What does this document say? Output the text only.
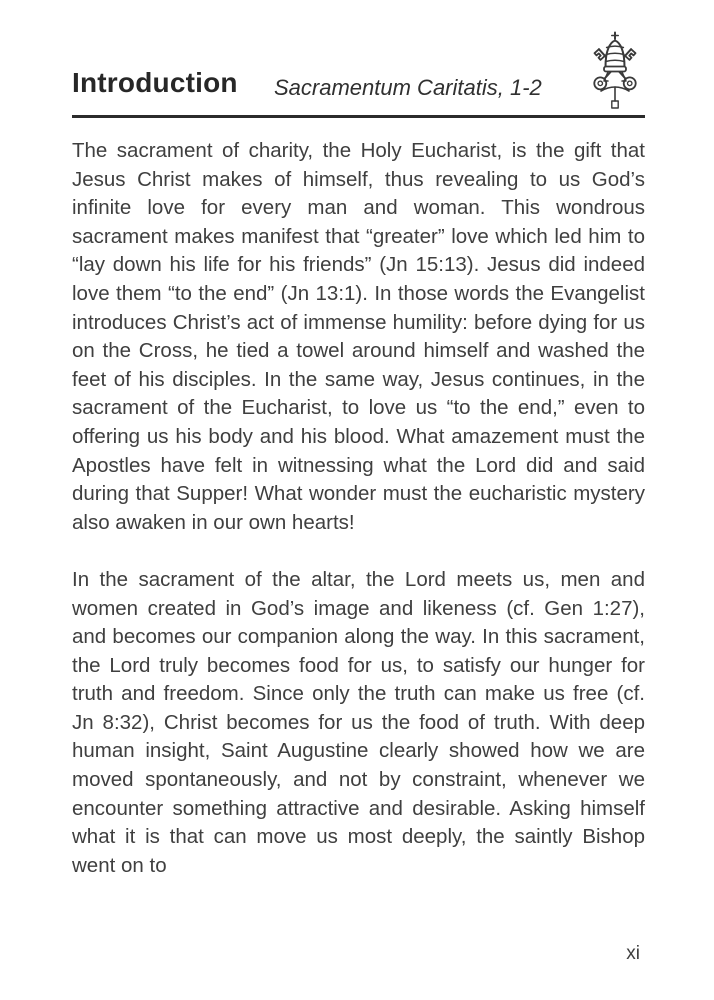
Introduction Sacramentum Caritatis, 1-2

The sacrament of charity, the Holy Eucharist, is the gift that Jesus Christ makes of himself, thus revealing to us God’s infinite love for every man and woman. This wondrous sacrament makes manifest that “greater” love which led him to “lay down his life for his friends” (Jn 15:13). Jesus did indeed love them “to the end” (Jn 13:1). In those words the Evangelist introduces Christ’s act of immense humility: before dying for us on the Cross, he tied a towel around himself and washed the feet of his disciples. In the same way, Jesus continues, in the sacrament of the Eucharist, to love us “to the end,” even to offering us his body and his blood. What amazement must the Apostles have felt in witnessing what the Lord did and said during that Supper! What wonder must the eucharistic mystery also awaken in our own hearts!

In the sacrament of the altar, the Lord meets us, men and women created in God’s image and likeness (cf. Gen 1:27), and becomes our companion along the way. In this sacrament, the Lord truly becomes food for us, to satisfy our hunger for truth and freedom. Since only the truth can make us free (cf. Jn 8:32), Christ becomes for us the food of truth. With deep human insight, Saint Augustine clearly showed how we are moved spontaneously, and not by constraint, whenever we encounter something attractive and desirable. Asking himself what it is that can move us most deeply, the saintly Bishop went on to

xi
